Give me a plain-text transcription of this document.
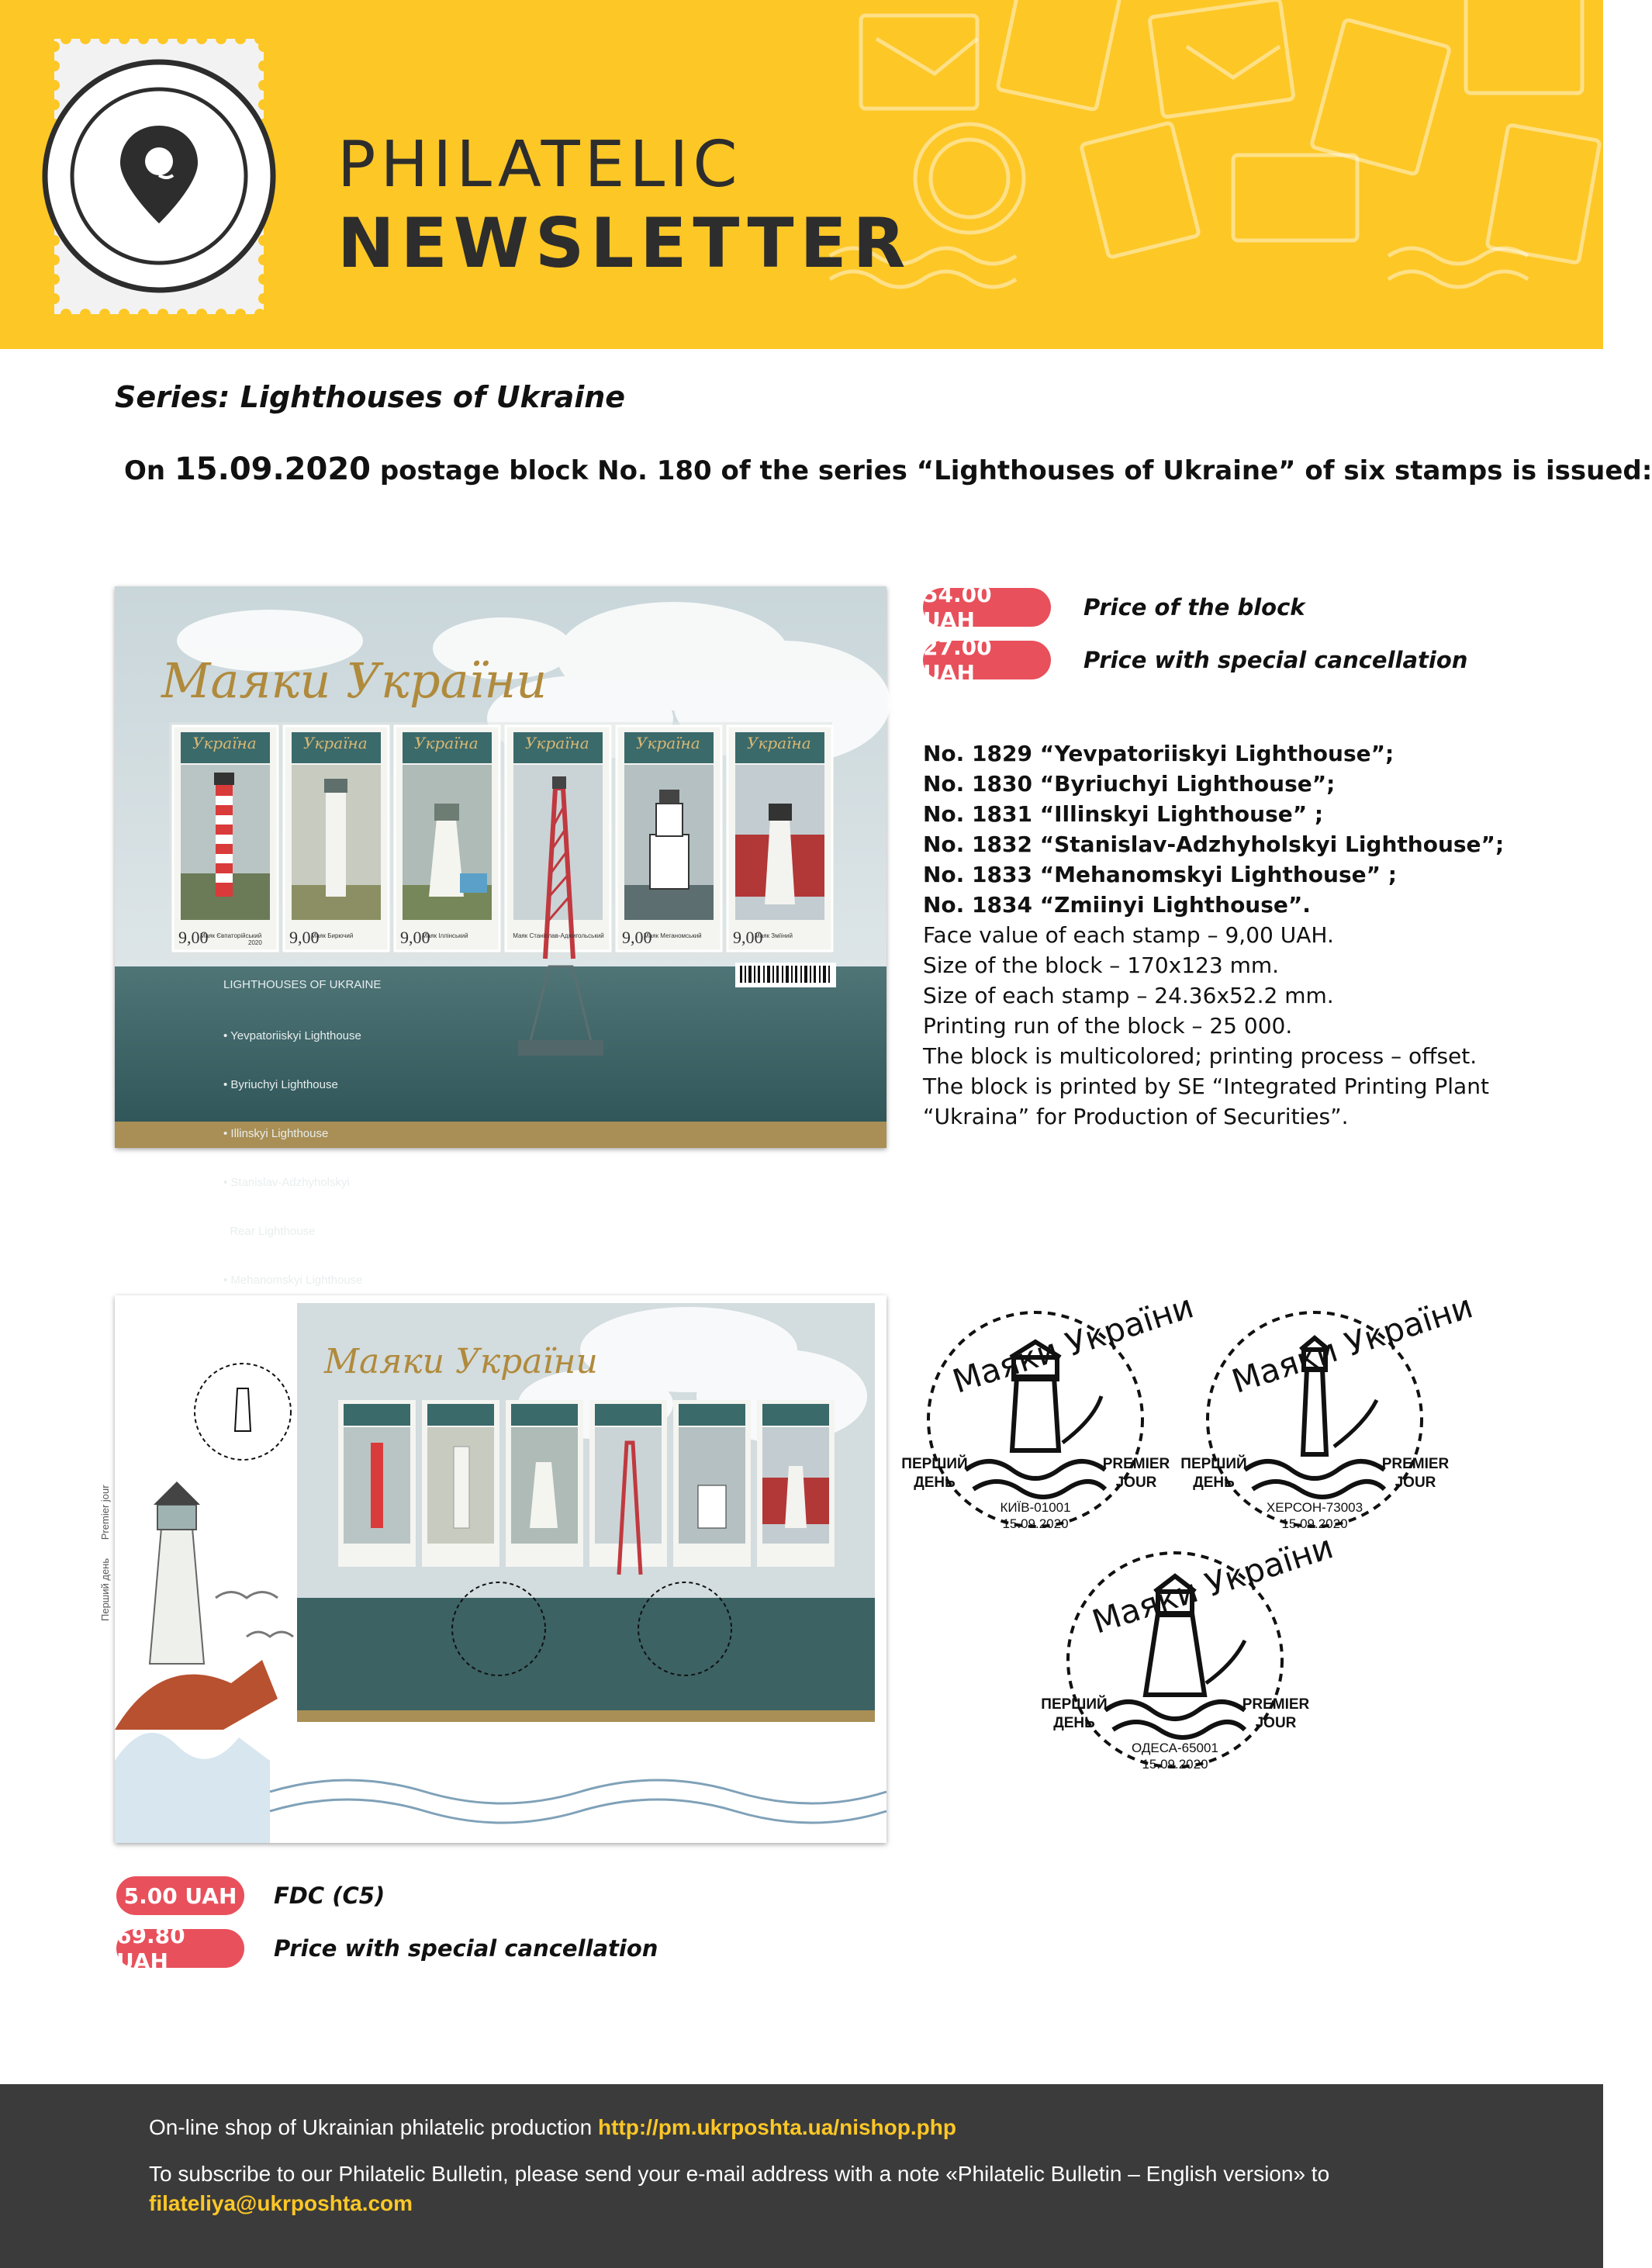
PHILATELIC
NEWSLETTER
Series: Lighthouses of Ukraine
On 15.09.2020 postage block No. 180 of the series “Lighthouses of Ukraine” of six stamps is issued:
Маяки України
LIGHTHOUSES OF UKRAINE

• Yevpatoriiskyi Lighthouse

• Byriuchyi Lighthouse

• Illinskyi Lighthouse

• Stanislav-Adzhyholskyi

Rear Lighthouse

• Mehanomskyi Lighthouse

Україна	Україна	Україна	Україна	Україна	Україна
9,00	9,00	9,00	9,00	9,00
Маяк Євпаторійський	Маяк Бирючий	Маяк Іллінський	Маяк Станіслав-Аджигольський	Маяк Меганомський	Маяк Зміїний
2020
54.00 UAH	Price of the block
27.00 UAH	Price with special cancellation
No. 1829 “Yevpatoriiskyi Lighthouse”;
No. 1830 “Byriuchyi Lighthouse”;
No. 1831 “Illinskyi Lighthouse” ;
No. 1832 “Stanislav-Adzhyholskyi Lighthouse”;
No. 1833 “Mehanomskyi Lighthouse” ;
No. 1834 “Zmiinyi Lighthouse”.
Face value of each stamp – 9,00 UAH.
Size of the block – 170x123 mm.
Size of each stamp – 24.36x52.2 mm.
Printing run of the block – 25 000.
The block is multicolored; printing process – offset.
The block is printed by SE “Integrated Printing Plant
“Ukraina” for Production of Securities”.
Маяки України
Перший день Premier jour
Маяки України
ПЕРШИЙ
ДЕНЬ
PREMIER
JOUR
КИЇВ-01001
15.09.2020
Маяки України
ПЕРШИЙ
ДЕНЬ
PREMIER
JOUR
ХЕРСОН-73003
15.09.2020
Маяки України
ПЕРШИЙ
ДЕНЬ
PREMIER
JOUR
ОДЕСА-65001
15.09.2020
5.00 UAH	FDC (C5)
69.80 UAH	Price with special cancellation
On-line shop of Ukrainian philatelic production http://pm.ukrposhta.ua/nishop.php
To subscribe to our Philatelic Bulletin, please send your e-mail address with a note «Philatelic Bulletin – English version» to
filateliya@ukrposhta.com
